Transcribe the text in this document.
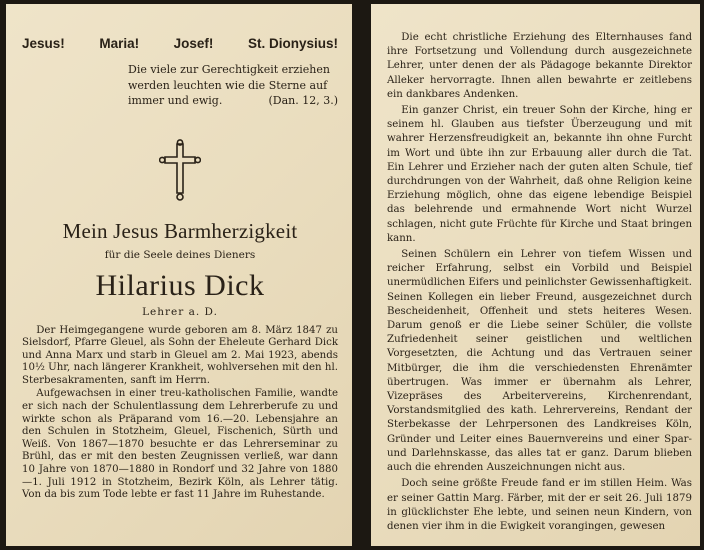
Jesus!	Maria!	Josef!	St. Dionysius!
Die viele zur Gerechtigkeit erziehen werden leuchten wie die Sterne auf immer und ewig.	(Dan. 12, 3.)
Mein Jesus Barmherzigkeit
für die Seele deines Dieners
Hilarius Dick
Lehrer a. D.

Der Heimgegangene wurde geboren am 8. März 1847 zu Sielsdorf, Pfarre Gleuel, als Sohn der Eheleute Gerhard Dick und Anna Marx und starb in Gleuel am 2. Mai 1923, abends 10½ Uhr, nach längerer Krankheit, wohlversehen mit den hl. Sterbesakramenten, sanft im Herrn.

Aufgewachsen in einer treu-katholischen Familie, wandte er sich nach der Schulentlassung dem Lehrerberufe zu und wirkte schon als Präparand vom 16.—20. Lebensjahre an den Schulen in Stotzheim, Gleuel, Fischenich, Sürth und Weiß. Von 1867—1870 besuchte er das Lehrerseminar zu Brühl, das er mit den besten Zeugnissen verließ, war dann 10 Jahre von 1870—1880 in Rondorf und 32 Jahre von 1880—1. Juli 1912 in Stotzheim, Bezirk Köln, als Lehrer tätig. Von da bis zum Tode lebte er fast 11 Jahre im Ruhestande.

Die echt christliche Erziehung des Elternhauses fand ihre Fortsetzung und Vollendung durch ausgezeichnete Lehrer, unter denen der als Pädagoge bekannte Direktor Alleker hervorragte. Ihnen allen bewahrte er zeitlebens ein dankbares Andenken.

Ein ganzer Christ, ein treuer Sohn der Kirche, hing er seinem hl. Glauben aus tiefster Überzeugung und mit wahrer Herzensfreudigkeit an, bekannte ihn ohne Furcht im Wort und übte ihn zur Erbauung aller durch die Tat. Ein Lehrer und Erzieher nach der guten alten Schule, tief durchdrungen von der Wahrheit, daß ohne Religion keine Erziehung möglich, ohne das eigene lebendige Beispiel das belehrende und ermahnende Wort nicht Wurzel schlagen, nicht gute Früchte für Kirche und Staat bringen kann.

Seinen Schülern ein Lehrer von tiefem Wissen und reicher Erfahrung, selbst ein Vorbild und Beispiel unermüdlichen Eifers und peinlichster Gewissenhaftigkeit. Seinen Kollegen ein lieber Freund, ausgezeichnet durch Bescheidenheit, Offenheit und stets heiteres Wesen. Darum genoß er die Liebe seiner Schüler, die vollste Zufriedenheit seiner geistlichen und weltlichen Vorgesetzten, die Achtung und das Vertrauen seiner Mitbürger, die ihm die verschiedensten Ehrenämter übertrugen. Was immer er übernahm als Lehrer, Vizepräses des Arbeitervereins, Kirchenrendant, Vorstandsmitglied des kath. Lehrervereins, Rendant der Sterbekasse der Lehrpersonen des Landkreises Köln, Gründer und Leiter eines Bauernvereins und einer Spar- und Darlehnskasse, das alles tat er ganz. Darum blieben auch die ehrenden Auszeichnungen nicht aus.

Doch seine größte Freude fand er im stillen Heim. Was er seiner Gattin Marg. Färber, mit der er seit 26. Juli 1879 in glücklichster Ehe lebte, und seinen neun Kindern, von denen vier ihm in die Ewigkeit vorangingen, gewesen
